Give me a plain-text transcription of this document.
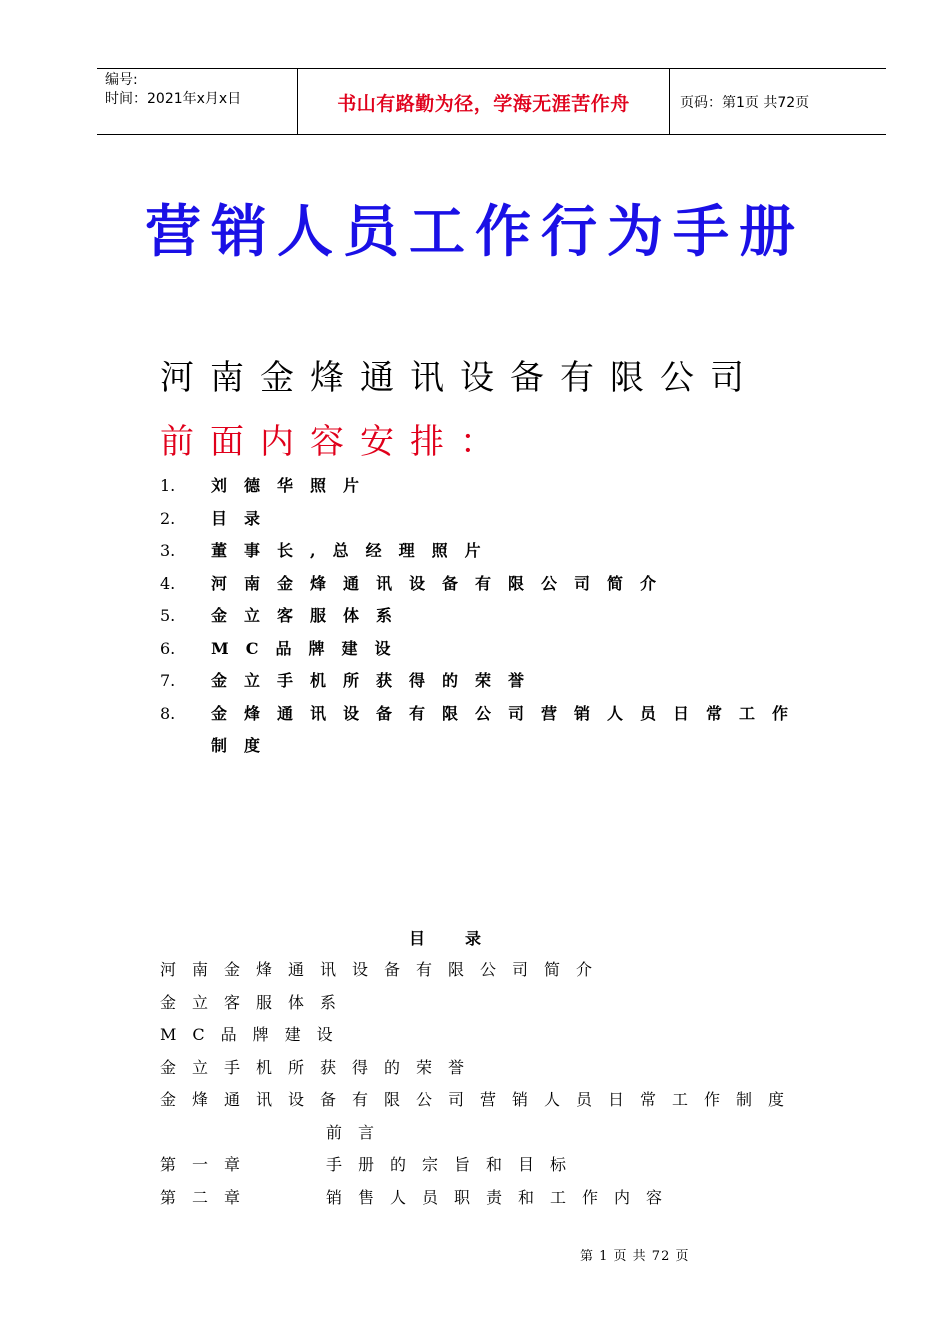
编号:
时间：2021年x月x日	书山有路勤为径，学海无涯苦作舟	页码：第1页 共72页
营销人员工作行为手册
河南金烽通讯设备有限公司
前面内容安排：
1. 刘德华照片
2. 目录
3. 董事长,总经理照片
4. 河南金烽通讯设备有限公司简介
5. 金立客服体系
6. MC品牌建设
7. 金立手机所获得的荣誉
8. 金烽通讯设备有限公司营销人员日常工作制度
目录
河南金烽通讯设备有限公司简介
金立客服体系
MC品牌建设
金立手机所获得的荣誉
金烽通讯设备有限公司营销人员日常工作制度
前言
第一章	手册的宗旨和目标
第二章	销售人员职责和工作内容
第 1 页 共 72 页
